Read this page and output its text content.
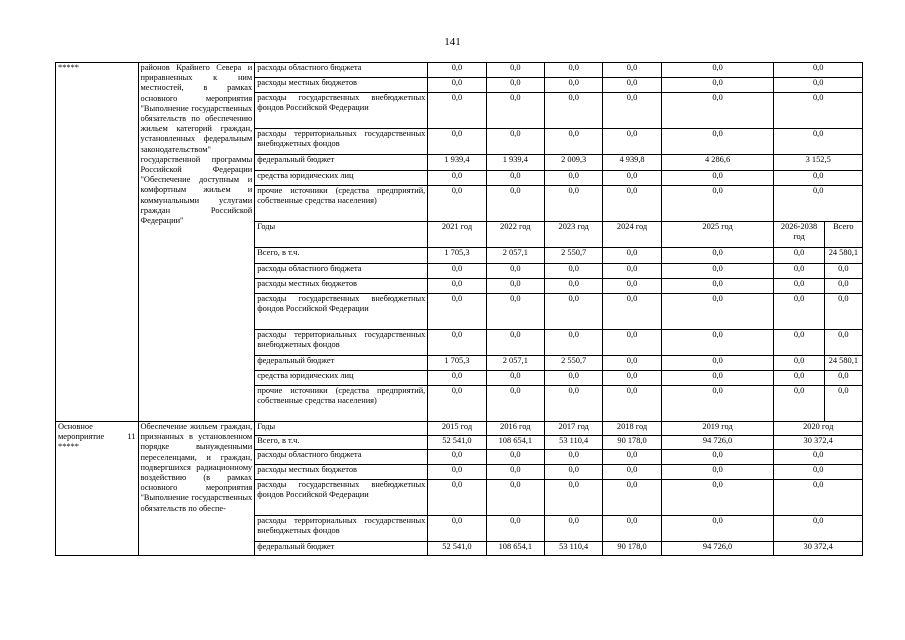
141
*****	районов Крайнего Севера и приравненных к ним местностей, в рамках основного мероприятия "Выполнение государственных обязательств по обеспечению жильем категорий граждан, установленных федеральным законодательством" государственной программы Российской Федерации "Обеспечение доступным и комфортным жильем и коммунальными услугами граждан Российской Федерации"	расходы областного бюджета	0,0	0,0	0,0	0,0	0,0	0,0	
		расходы местных бюджетов	0,0	0,0	0,0	0,0	0,0	0,0	
		расходы государственных внебюджетных фондов Российской Федерации	0,0	0,0	0,0	0,0	0,0	0,0	
		расходы территориальных государственных внебюджетных фондов	0,0	0,0	0,0	0,0	0,0	0,0	
		федеральный бюджет	1 939,4	1 939,4	2 009,3	4 939,8	4 286,6	3 152,5	
		средства юридических лиц	0,0	0,0	0,0	0,0	0,0	0,0	
		прочие источники (средства предприятий, собственные средства населения)	0,0	0,0	0,0	0,0	0,0	0,0	
		Годы	2021 год	2022 год	2023 год	2024 год	2025 год	2026-2038 год	Всего
		Всего, в т.ч.	1 705,3	2 057,1	2 550,7	0,0	0,0	0,0	24 580,1
		расходы областного бюджета	0,0	0,0	0,0	0,0	0,0	0,0	0,0
		расходы местных бюджетов	0,0	0,0	0,0	0,0	0,0	0,0	0,0
		расходы государственных внебюджетных фондов Российской Федерации	0,0	0,0	0,0	0,0	0,0	0,0	0,0
		расходы территориальных государственных внебюджетных фондов	0,0	0,0	0,0	0,0	0,0	0,0	0,0
		федеральный бюджет	1 705,3	2 057,1	2 550,7	0,0	0,0	0,0	24 580,1
		средства юридических лиц	0,0	0,0	0,0	0,0	0,0	0,0	0,0
		прочие источники (средства предприятий, собственные средства населения)	0,0	0,0	0,0	0,0	0,0	0,0	0,0
Основное мероприятие 11 *****	Обеспечение жильем граждан, признанных в установленном порядке вынужденными переселенцами, и граждан, подвергшихся радиационному воздействию (в рамках основного мероприятия "Выполнение государственных обязательств по обеспе-	Годы	2015 год	2016 год	2017 год	2018 год	2019 год	2020 год	
		Всего, в т.ч.	52 541,0	108 654,1	53 110,4	90 178,0	94 726,0	30 372,4	
		расходы областного бюджета	0,0	0,0	0,0	0,0	0,0	0,0	
		расходы местных бюджетов	0,0	0,0	0,0	0,0	0,0	0,0	
		расходы государственных внебюджетных фондов Российской Федерации	0,0	0,0	0,0	0,0	0,0	0,0	
		расходы территориальных государственных внебюджетных фондов	0,0	0,0	0,0	0,0	0,0	0,0	
		федеральный бюджет	52 541,0	108 654,1	53 110,4	90 178,0	94 726,0	30 372,4	
